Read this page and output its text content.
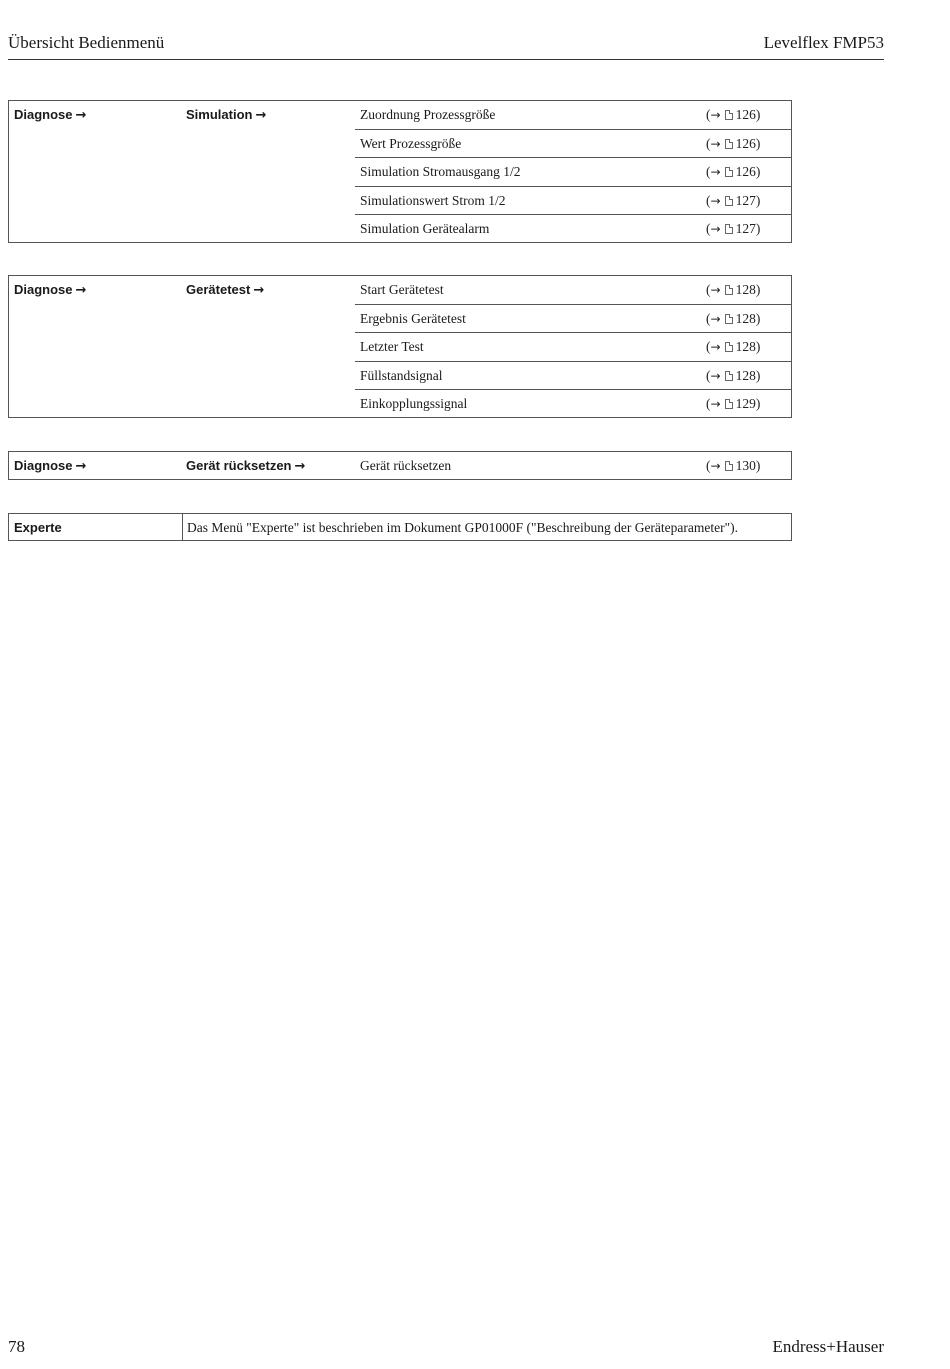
Übersicht Bedienmenü	Levelflex FMP53
Diagnose →	Simulation →	Zuordnung Prozessgröße	(→ 126)
Wert Prozessgröße	(→ 126)
Simulation Stromausgang 1/2	(→ 126)
Simulationswert Strom 1/2	(→ 127)
Simulation Gerätealarm	(→ 127)
Diagnose →	Gerätetest →	Start Gerätetest	(→ 128)
Ergebnis Gerätetest	(→ 128)
Letzter Test	(→ 128)
Füllstandsignal	(→ 128)
Einkopplungssignal	(→ 129)
Diagnose →	Gerät rücksetzen →	Gerät rücksetzen	(→ 130)
Experte	Das Menü "Experte" ist beschrieben im Dokument GP01000F ("Beschreibung der Geräteparameter").
78	Endress+Hauser
